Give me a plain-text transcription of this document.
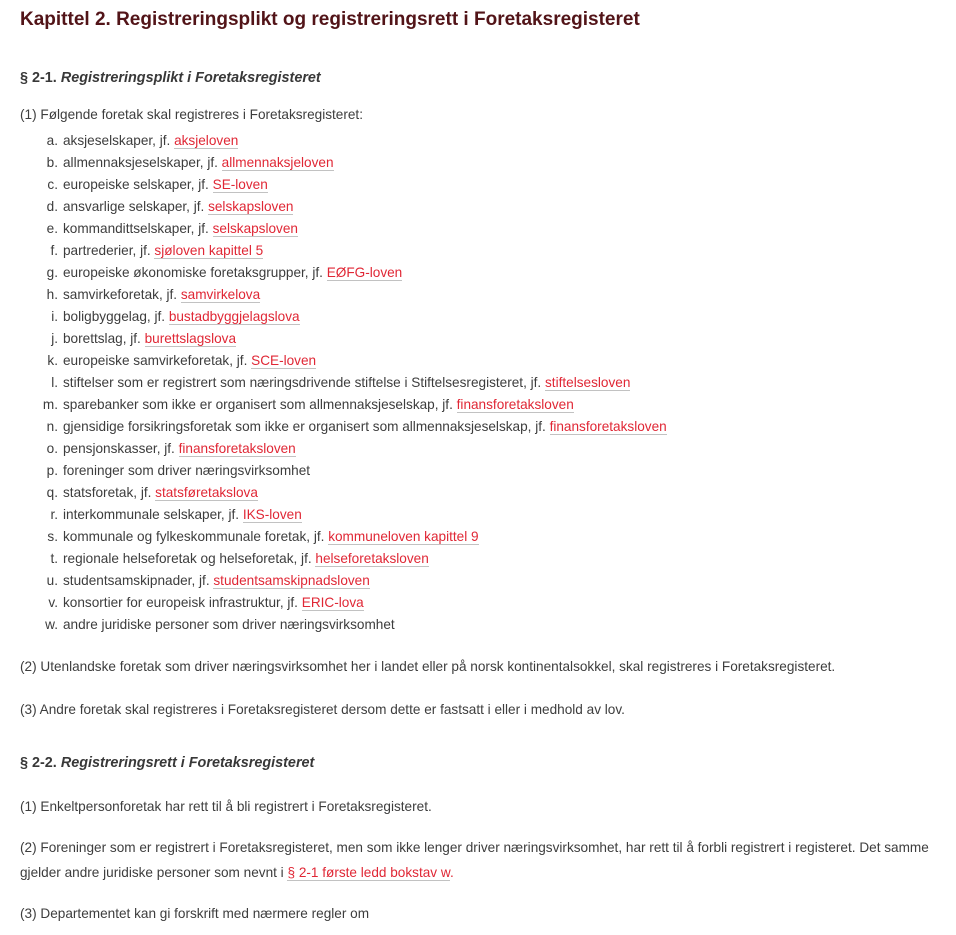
Kapittel 2. Registreringsplikt og registreringsrett i Foretaksregisteret
§ 2-1. Registreringsplikt i Foretaksregisteret

(1) Følgende foretak skal registreres i Foretaksregisteret:

a. aksjeselskaper, jf. aksjeloven
b. allmennaksjeselskaper, jf. allmennaksjeloven
c. europeiske selskaper, jf. SE-loven
d. ansvarlige selskaper, jf. selskapsloven
e. kommandittselskaper, jf. selskapsloven
f. partrederier, jf. sjøloven kapittel 5
g. europeiske økonomiske foretaksgrupper, jf. EØFG-loven
h. samvirkeforetak, jf. samvirkelova
i. boligbyggelag, jf. bustadbyggjelagslova
j. borettslag, jf. burettslagslova
k. europeiske samvirkeforetak, jf. SCE-loven
l. stiftelser som er registrert som næringsdrivende stiftelse i Stiftelsesregisteret, jf. stiftelsesloven
m. sparebanker som ikke er organisert som allmennaksjeselskap, jf. finansforetaksloven
n. gjensidige forsikringsforetak som ikke er organisert som allmennaksjeselskap, jf. finansforetaksloven
o. pensjonskasser, jf. finansforetaksloven
p. foreninger som driver næringsvirksomhet
q. statsforetak, jf. statsføretakslova
r. interkommunale selskaper, jf. IKS-loven
s. kommunale og fylkeskommunale foretak, jf. kommuneloven kapittel 9
t. regionale helseforetak og helseforetak, jf. helseforetaksloven
u. studentsamskipnader, jf. studentsamskipnadsloven
v. konsortier for europeisk infrastruktur, jf. ERIC-lova
w. andre juridiske personer som driver næringsvirksomhet

(2) Utenlandske foretak som driver næringsvirksomhet her i landet eller på norsk kontinentalsokkel, skal registreres i Foretaksregisteret.

(3) Andre foretak skal registreres i Foretaksregisteret dersom dette er fastsatt i eller i medhold av lov.

§ 2-2. Registreringsrett i Foretaksregisteret

(1) Enkeltpersonforetak har rett til å bli registrert i Foretaksregisteret.

(2) Foreninger som er registrert i Foretaksregisteret, men som ikke lenger driver næringsvirksomhet, har rett til å forbli registrert i registeret. Det samme gjelder andre juridiske personer som nevnt i § 2-1 første ledd bokstav w.

(3) Departementet kan gi forskrift med nærmere regler om
